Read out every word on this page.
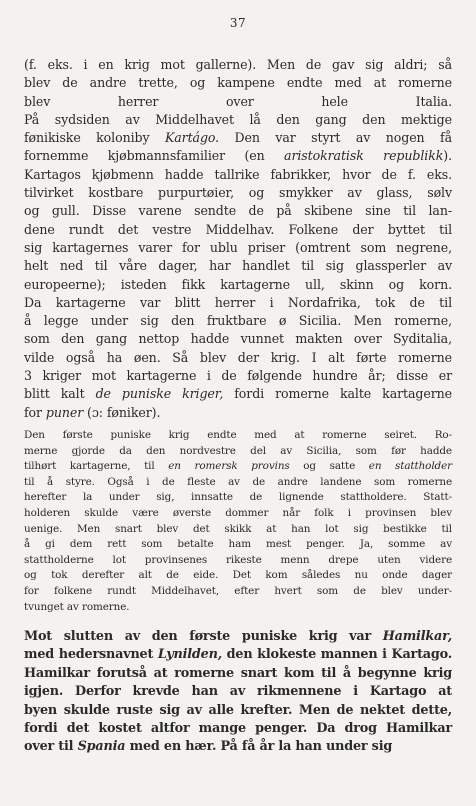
37
(f. eks. i en krig mot gallerne). Men de gav sig aldri; så
blev de andre trette, og kampene endte med at romerne
blev herrer over hele Italia.
På sydsiden av Middelhavet lå den gang den mektige
fønikiske koloniby Kartágo. Den var styrt av nogen få
fornemme kjøbmannsfamilier (en aristokratisk republikk).
Kartagos kjøbmenn hadde tallrike fabrikker, hvor de f. eks.
tilvirket kostbare purpurtøier, og smykker av glass, sølv
og gull. Disse varene sendte de på skibene sine til lan-
dene rundt det vestre Middelhav. Folkene der byttet til
sig kartagernes varer for ublu priser (omtrent som negrene,
helt ned til våre dager, har handlet til sig glassperler av
europeerne); isteden fikk kartagerne ull, skinn og korn.
Da kartagerne var blitt herrer i Nordafrika, tok de til
å legge under sig den fruktbare ø Sicilia. Men romerne,
som den gang nettop hadde vunnet makten over Syditalia,
vilde også ha øen. Så blev der krig. I alt førte romerne
3 kriger mot kartagerne i de følgende hundre år; disse er
blitt kalt de puniske kriger, fordi romerne kalte kartagerne
for puner (ɔ: føniker).
Den første puniske krig endte med at romerne seiret. Ro-
merne gjorde da den nordvestre del av Sicilia, som før hadde
tilhørt kartagerne, til en romersk provins og satte en stattholder
til å styre. Også i de fleste av de andre landene som romerne
herefter la under sig, innsatte de lignende stattholdere. Statt-
holderen skulde være øverste dommer når folk i provinsen blev
uenige. Men snart blev det skikk at han lot sig bestikke til
å gi dem rett som betalte ham mest penger. Ja, somme av
stattholderne lot provinsenes rikeste menn drepe uten videre
og tok derefter alt de eide. Det kom således nu onde dager
for folkene rundt Middelhavet, efter hvert som de blev under-
tvunget av romerne.
Mot slutten av den første puniske krig var Hamilkar,
med hedersnavnet Lynilden, den klokeste mannen i Kartago.
Hamilkar forutså at romerne snart kom til å begynne krig
igjen. Derfor krevde han av rikmennene i Kartago at
byen skulde ruste sig av alle krefter. Men de nektet dette,
fordi det kostet altfor mange penger. Da drog Hamilkar
over til Spania med en hær. På få år la han under sig
